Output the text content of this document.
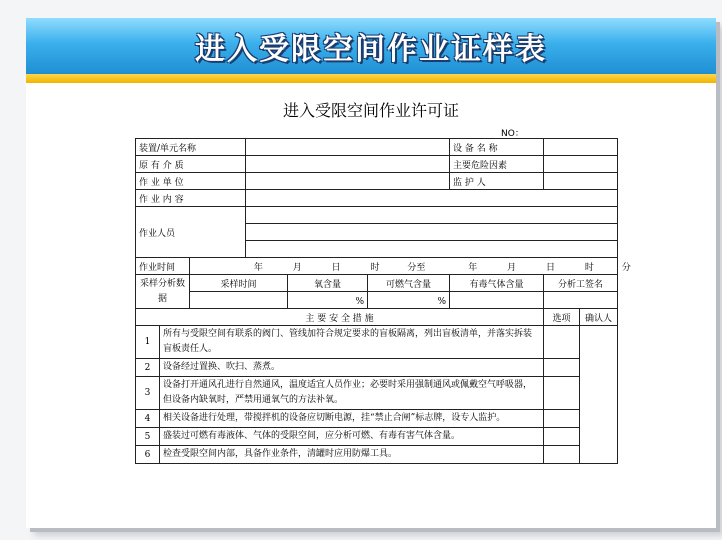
进入受限空间作业证样表
进入受限空间作业许可证
NO：
装置/单元名称						设 备 名 称		
原 有 介 质						主要危险因素		
作 业 单 位						监 护 人		
作 业 内 容								
作业人员								

作业时间		年 月 日 时 分至 年 月 日 时 分						
采样分析数据		采样时间		氧含量	可燃气含量	有毒气体含量	分析工签名	
				%	%			

主 要 安 全 措 施							选项	确认人
1	所有与受限空间有联系的阀门、管线加符合规定要求的盲板隔离，列出盲板清单，并落实拆装盲板责任人。							
2	设备经过置换、吹扫、蒸煮。							
3	设备打开通风孔进行自然通风，温度适宜人员作业；必要时采用强制通风或佩戴空气呼吸器，但设备内缺氧时，严禁用通氧气的方法补氧。							
4	相关设备进行处理，带搅拌机的设备应切断电源，挂“禁止合闸”标志牌，设专人监护。							
5	盛装过可燃有毒液体、气体的受限空间，应分析可燃、有毒有害气体含量。							
6	检查受限空间内部，具备作业条件，清罐时应用防爆工具。							
